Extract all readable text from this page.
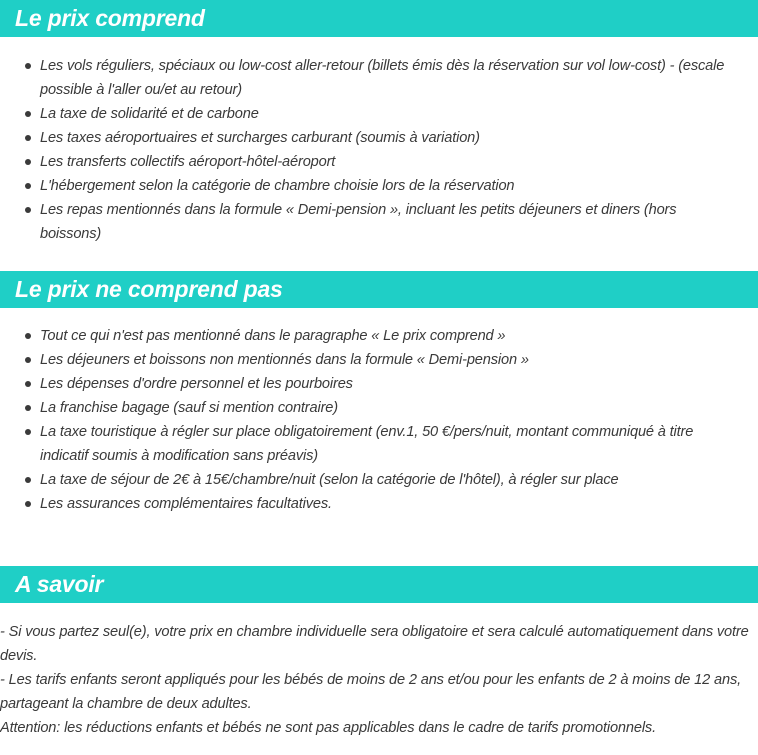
Le prix comprend
Les vols réguliers, spéciaux ou low-cost aller-retour (billets émis dès la réservation sur vol low-cost) - (escale possible à l'aller ou/et au retour)
La taxe de solidarité et de carbone
Les taxes aéroportuaires et surcharges carburant (soumis à variation)
Les transferts collectifs aéroport-hôtel-aéroport
L'hébergement selon la catégorie de chambre choisie lors de la réservation
Les repas mentionnés dans la formule « Demi-pension », incluant les petits déjeuners et diners (hors boissons)
Le prix ne comprend pas
Tout ce qui n'est pas mentionné dans le paragraphe « Le prix comprend »
Les déjeuners et boissons non mentionnés dans la formule « Demi-pension »
Les dépenses d'ordre personnel et les pourboires
La franchise bagage (sauf si mention contraire)
La taxe touristique à régler sur place obligatoirement (env.1, 50 €/pers/nuit, montant communiqué à titre indicatif soumis à modification sans préavis)
La taxe de séjour de 2€ à 15€/chambre/nuit (selon la catégorie de l'hôtel), à régler sur place
Les assurances complémentaires facultatives.
A savoir
- Si vous partez seul(e), votre prix en chambre individuelle sera obligatoire et sera calculé automatiquement dans votre devis.
- Les tarifs enfants seront appliqués pour les bébés de moins de 2 ans et/ou pour les enfants de 2 à moins de 12 ans, partageant la chambre de deux adultes.
Attention: les réductions enfants et bébés ne sont pas applicables dans le cadre de tarifs promotionnels.
